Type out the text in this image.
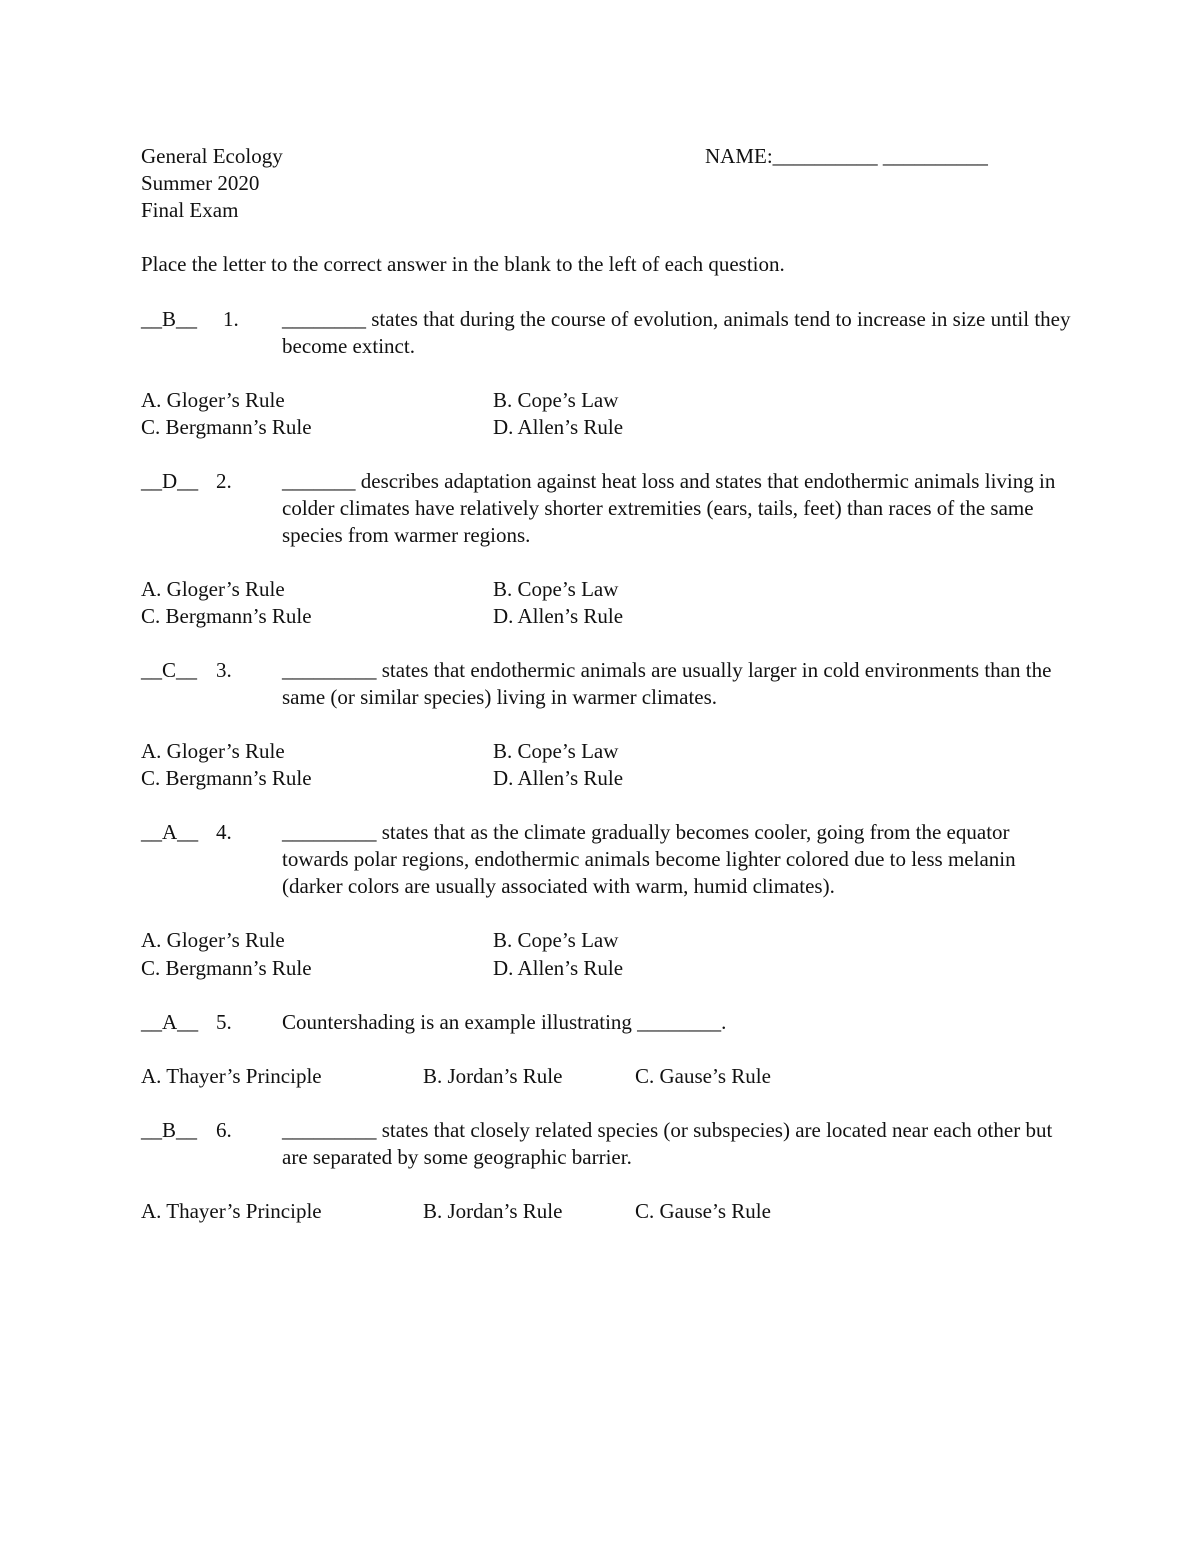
General Ecology
Summer 2020
Final Exam
NAME:__________ __________
Place the letter to the correct answer in the blank to the left of each question.
__B__ 1. ________ states that during the course of evolution, animals tend to increase in size until they become extinct.
A. Gloger’s Rule	B. Cope’s Law
C. Bergmann’s Rule	D. Allen’s Rule
__D__ 2. _______ describes adaptation against heat loss and states that endothermic animals living in colder climates have relatively shorter extremities (ears, tails, feet) than races of the same species from warmer regions.
A. Gloger’s Rule	B. Cope’s Law
C. Bergmann’s Rule	D. Allen’s Rule
__C__ 3. _________ states that endothermic animals are usually larger in cold environments than the same (or similar species) living in warmer climates.
A. Gloger’s Rule	B. Cope’s Law
C. Bergmann’s Rule	D. Allen’s Rule
__A__ 4. _________ states that as the climate gradually becomes cooler, going from the equator towards polar regions, endothermic animals become lighter colored due to less melanin (darker colors are usually associated with warm, humid climates).
A. Gloger’s Rule	B. Cope’s Law
C. Bergmann’s Rule	D. Allen’s Rule
__A__ 5. Countershading is an example illustrating ________.
A. Thayer’s Principle	B. Jordan’s Rule	C. Gause’s Rule
__B__ 6. _________ states that closely related species (or subspecies) are located near each other but are separated by some geographic barrier.
A. Thayer’s Principle	B. Jordan’s Rule	C. Gause’s Rule
